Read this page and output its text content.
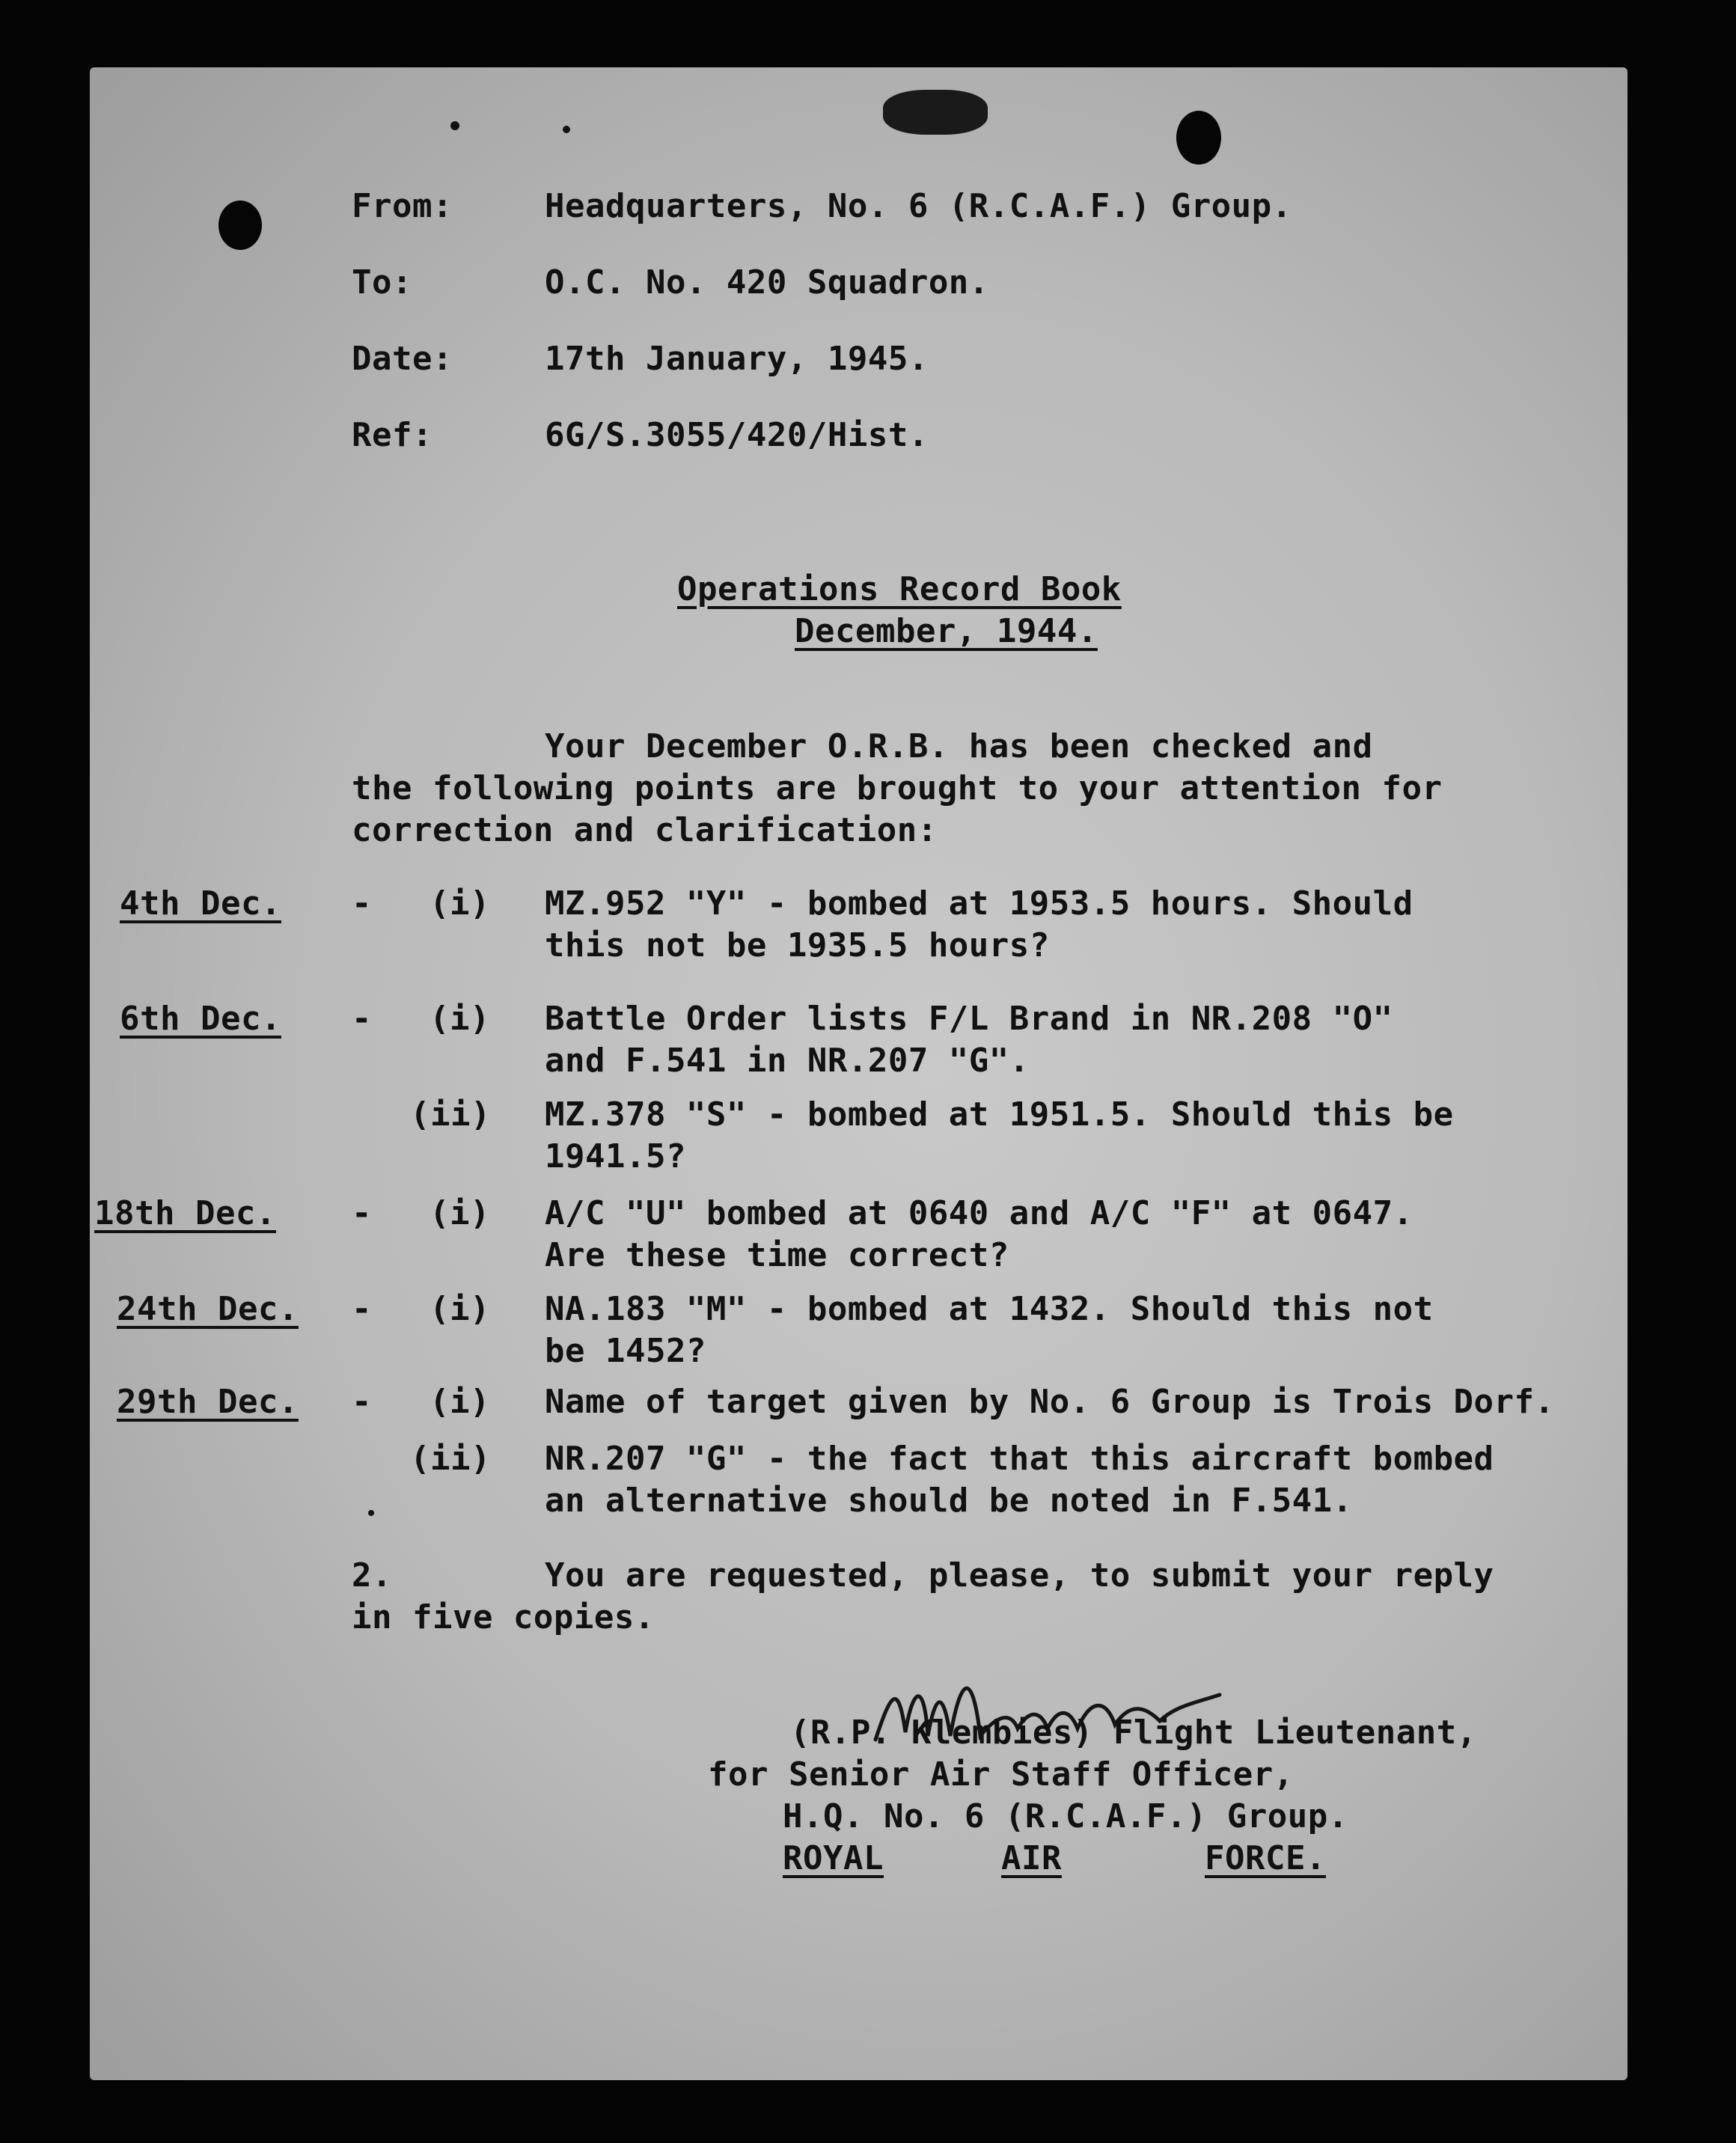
From:	Headquarters, No. 6 (R.C.A.F.) Group.
To:	O.C. No. 420 Squadron.
Date:	17th January, 1945.
Ref:	6G/S.3055/420/Hist.
Operations Record Book
December, 1944.
Your December O.R.B. has been checked and
the following points are brought to your attention for
correction and clarification:
4th Dec. - (i) MZ.952 "Y" - bombed at 1953.5 hours. Should
this not be 1935.5 hours?
6th Dec. - (i) Battle Order lists F/L Brand in NR.208 "O"
and F.541 in NR.207 "G".
(ii) MZ.378 "S" - bombed at 1951.5. Should this be
1941.5?
18th Dec. - (i) A/C "U" bombed at 0640 and A/C "F" at 0647.
Are these time correct?
24th Dec. - (i) NA.183 "M" - bombed at 1432. Should this not
be 1452?
29th Dec. - (i) Name of target given by No. 6 Group is Trois Dorf.
(ii) NR.207 "G" - the fact that this aircraft bombed
an alternative should be noted in F.541.
2.	You are requested, please, to submit your reply
in five copies.
(R.P. Klembies) Flight Lieutenant,
for Senior Air Staff Officer,
H.Q. No. 6 (R.C.A.F.) Group.
ROYAL	AIR	FORCE.
